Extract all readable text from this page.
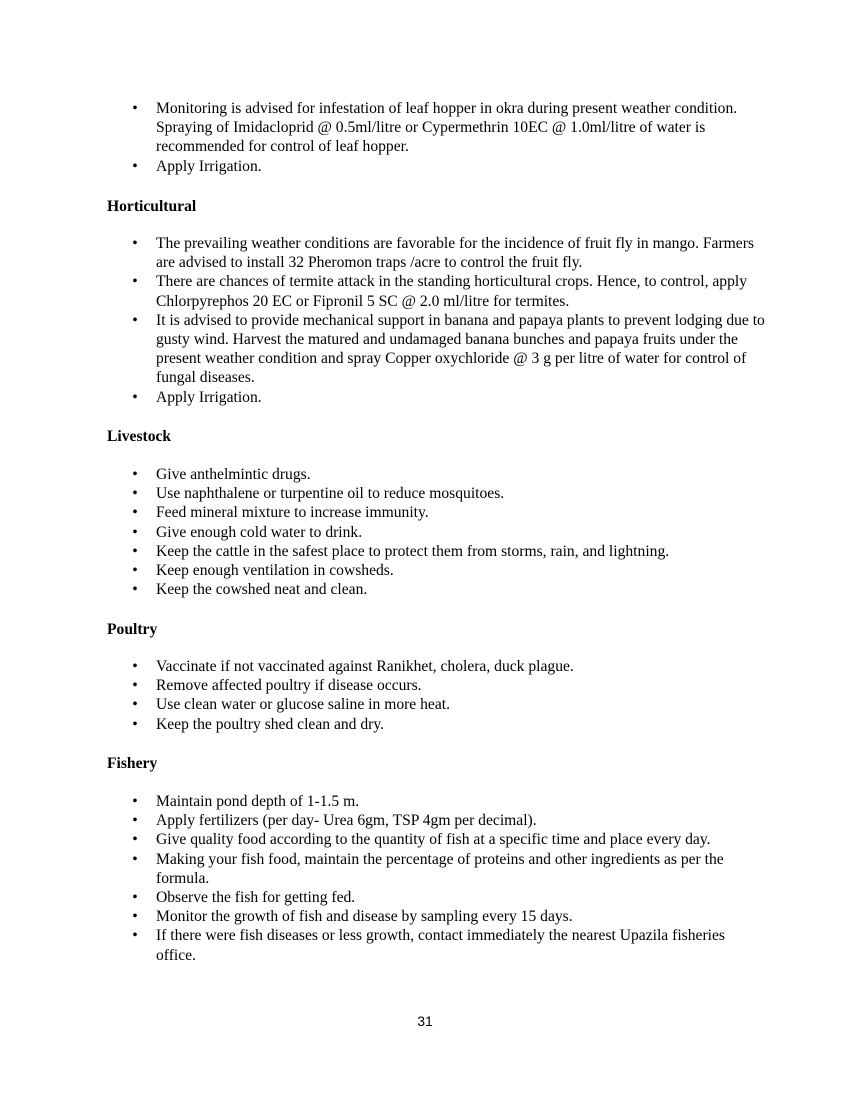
• Monitoring is advised for infestation of leaf hopper in okra during present weather condition. Spraying of Imidacloprid @ 0.5ml/litre or Cypermethrin 10EC @ 1.0ml/litre of water is recommended for control of leaf hopper.
• Apply Irrigation.
Horticultural
• The prevailing weather conditions are favorable for the incidence of fruit fly in mango. Farmers are advised to install 32 Pheromon traps /acre to control the fruit fly.
• There are chances of termite attack in the standing horticultural crops. Hence, to control, apply Chlorpyrephos 20 EC or Fipronil 5 SC @ 2.0 ml/litre for termites.
• It is advised to provide mechanical support in banana and papaya plants to prevent lodging due to gusty wind. Harvest the matured and undamaged banana bunches and papaya fruits under the present weather condition and spray Copper oxychloride @ 3 g per litre of water for control of fungal diseases.
• Apply Irrigation.
Livestock
• Give anthelmintic drugs.
• Use naphthalene or turpentine oil to reduce mosquitoes.
• Feed mineral mixture to increase immunity.
• Give enough cold water to drink.
• Keep the cattle in the safest place to protect them from storms, rain, and lightning.
• Keep enough ventilation in cowsheds.
• Keep the cowshed neat and clean.
Poultry
• Vaccinate if not vaccinated against Ranikhet, cholera, duck plague.
• Remove affected poultry if disease occurs.
• Use clean water or glucose saline in more heat.
• Keep the poultry shed clean and dry.
Fishery
• Maintain pond depth of 1-1.5 m.
• Apply fertilizers (per day- Urea 6gm, TSP 4gm per decimal).
• Give quality food according to the quantity of fish at a specific time and place every day.
• Making your fish food, maintain the percentage of proteins and other ingredients as per the formula.
• Observe the fish for getting fed.
• Monitor the growth of fish and disease by sampling every 15 days.
• If there were fish diseases or less growth, contact immediately the nearest Upazila fisheries office.
31
